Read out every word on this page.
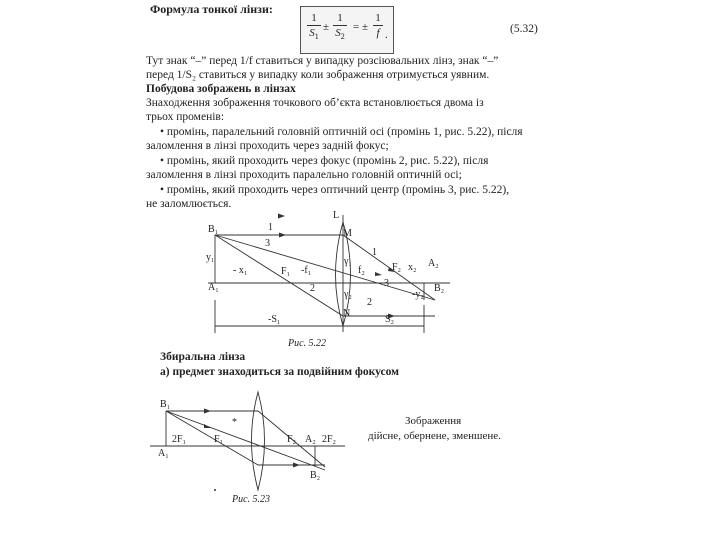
Формула тонкої лінзи:
1
$S_1$
±
1
$S_2$
= ±
1
f .	(5.32)
Тут знак “–” перед 1/f ставиться у випадку розсіювальних лінз, знак “–”
перед 1/S₂ ставиться у випадку коли зображення отримується уявним.
Побудова зображень в лінзах
Знаходження зображення точкового об’єкта встановлюється двома із
трьох променів:
• промінь, паралельний головній оптичній осі (промінь 1, рис. 5.22), після
заломлення в лінзі проходить через задній фокус;
• промінь, який проходить через фокус (промінь 2, рис. 5.22), після
заломлення в лінзі проходить паралельно головній оптичній осі;
• промінь, який проходить через оптичний центр (промінь 3, рис. 5.22),
не заломлюється.
B₁
A₁
y₁
- x₁	F₁ -f₁
L
M
γ₁
γ₂
N
f₂	F₂ x₂ A₂
-y₂
B₂
-S₁	S₂
1
1
2
2
3
3
Рис. 5.22
B₁
A₁
2F₁	F₁
*
F₂ A₂ 2F₂
B₂
Рис. 5.23
Зображення
дійсне, обернене, зменшене.
Збиральна лінза
а) предмет знаходиться за подвійним фокусом
